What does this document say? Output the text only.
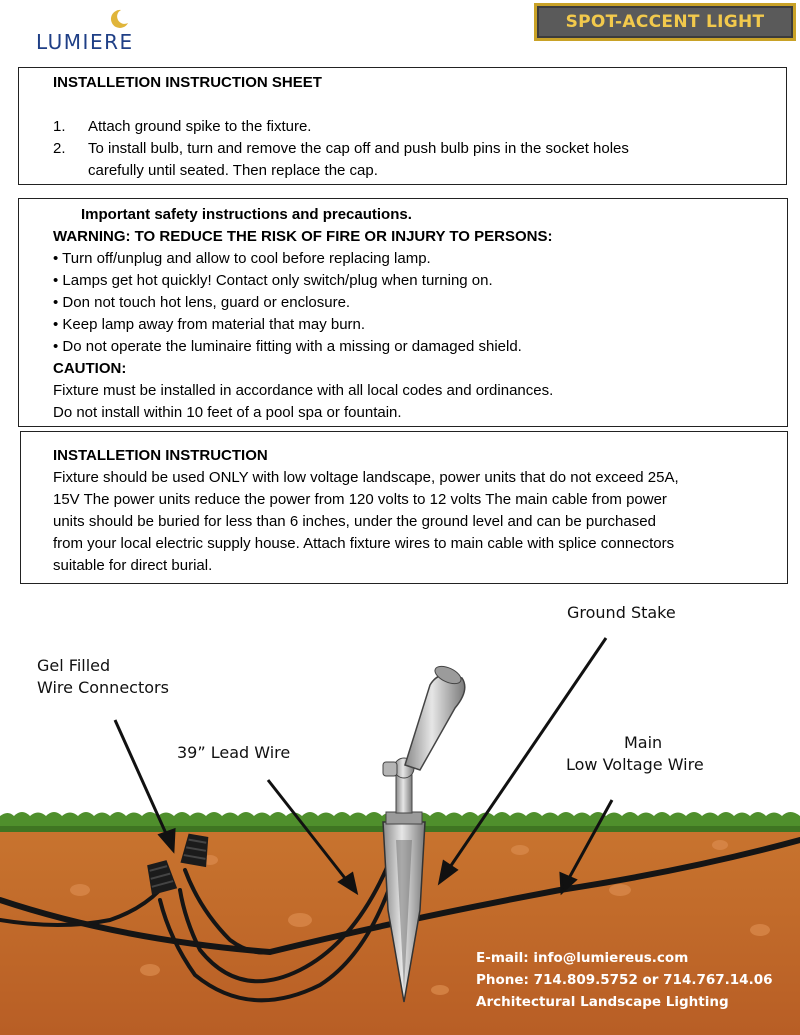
LUMIERE
SPOT-ACCENT LIGHT
INSTALLETION INSTRUCTION SHEET
1. Attach ground spike to the fixture.
2. To install bulb, turn and remove the cap off and push bulb pins in the socket holes
carefully until seated. Then replace the cap.
Important safety instructions and precautions.
WARNING: TO REDUCE THE RISK OF FIRE OR INJURY TO PERSONS:
• Turn off/unplug and allow to cool before replacing lamp.
• Lamps get hot quickly! Contact only switch/plug when turning on.
• Don not touch hot lens, guard or enclosure.
• Keep lamp away from material that may burn.
• Do not operate the luminaire fitting with a missing or damaged shield.
CAUTION:
Fixture must be installed in accordance with all local codes and ordinances.
Do not install within 10 feet of a pool spa or fountain.
INSTALLETION INSTRUCTION
Fixture should be used ONLY with low voltage landscape, power units that do not exceed 25A,
15V The power units reduce the power from 120 volts to 12 volts The main cable from power
units should be buried for less than 6 inches, under the ground level and can be purchased
from your local electric supply house. Attach fixture wires to main cable with splice connectors
suitable for direct burial.
Ground Stake
Gel Filled
Wire Connectors
39” Lead Wire
Main
Low Voltage Wire
E-mail: info@lumiereus.com
Phone: 714.809.5752 or 714.767.14.06
Architectural Landscape Lighting
